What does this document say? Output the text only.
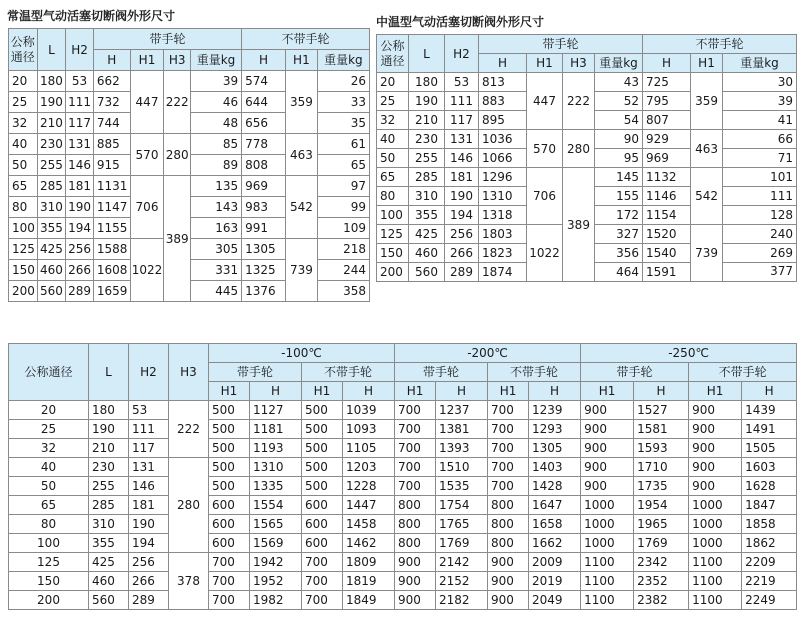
常温型气动活塞切断阀外形尺寸
公称通径	L	H2	带手轮				不带手轮		
			H	H1	H3	重量kg	H	H1	重量kg
20	180	53	662	447	222	39	574	359	26
25	190	111	732			46	644		33
32	210	117	744			48	656		35
40	230	131	885	570	280	85	778	463	61
50	255	146	915			89	808		65
65	285	181	1131	706	389	135	969	542	97
80	310	190	1147			143	983		99
100	355	194	1155			163	991		109
125	425	256	1588	1022		305	1305	739	218
150	460	266	1608			331	1325		244
200	560	289	1659			445	1376		358
中温型气动活塞切断阀外形尺寸
公称通径	L	H2	带手轮				不带手轮		
			H	H1	H3	重量kg	H	H1	重量kg
20	180	53	813	447	222	43	725	359	30
25	190	111	883			52	795		39
32	210	117	895			54	807		41
40	230	131	1036	570	280	90	929	463	66
50	255	146	1066			95	969		71
65	285	181	1296	706	389	145	1132	542	101
80	310	190	1310			155	1146		111
100	355	194	1318			172	1154		128
125	425	256	1803	1022		327	1520	739	240
150	460	266	1823			356	1540		269
200	560	289	1874			464	1591		377
公称通径	L	H2	H3	-100℃				-200℃				-250℃			
				带手轮		不带手轮		带手轮		不带手轮		带手轮		不带手轮	
				H1	H	H1	H	H1	H	H1	H	H1	H	H1	H
20	180	53	222	500	1127	500	1039	700	1237	700	1239	900	1527	900	1439
25	190	111		500	1181	500	1093	700	1381	700	1293	900	1581	900	1491
32	210	117		500	1193	500	1105	700	1393	700	1305	900	1593	900	1505
40	230	131	280	500	1310	500	1203	700	1510	700	1403	900	1710	900	1603
50	255	146		500	1335	500	1228	700	1535	700	1428	900	1735	900	1628
65	285	181		600	1554	600	1447	800	1754	800	1647	1000	1954	1000	1847
80	310	190		600	1565	600	1458	800	1765	800	1658	1000	1965	1000	1858
100	355	194		600	1569	600	1462	800	1769	800	1662	1000	1769	1000	1862
125	425	256	378	700	1942	700	1809	900	2142	900	2009	1100	2342	1100	2209
150	460	266		700	1952	700	1819	900	2152	900	2019	1100	2352	1100	2219
200	560	289		700	1982	700	1849	900	2182	900	2049	1100	2382	1100	2249
